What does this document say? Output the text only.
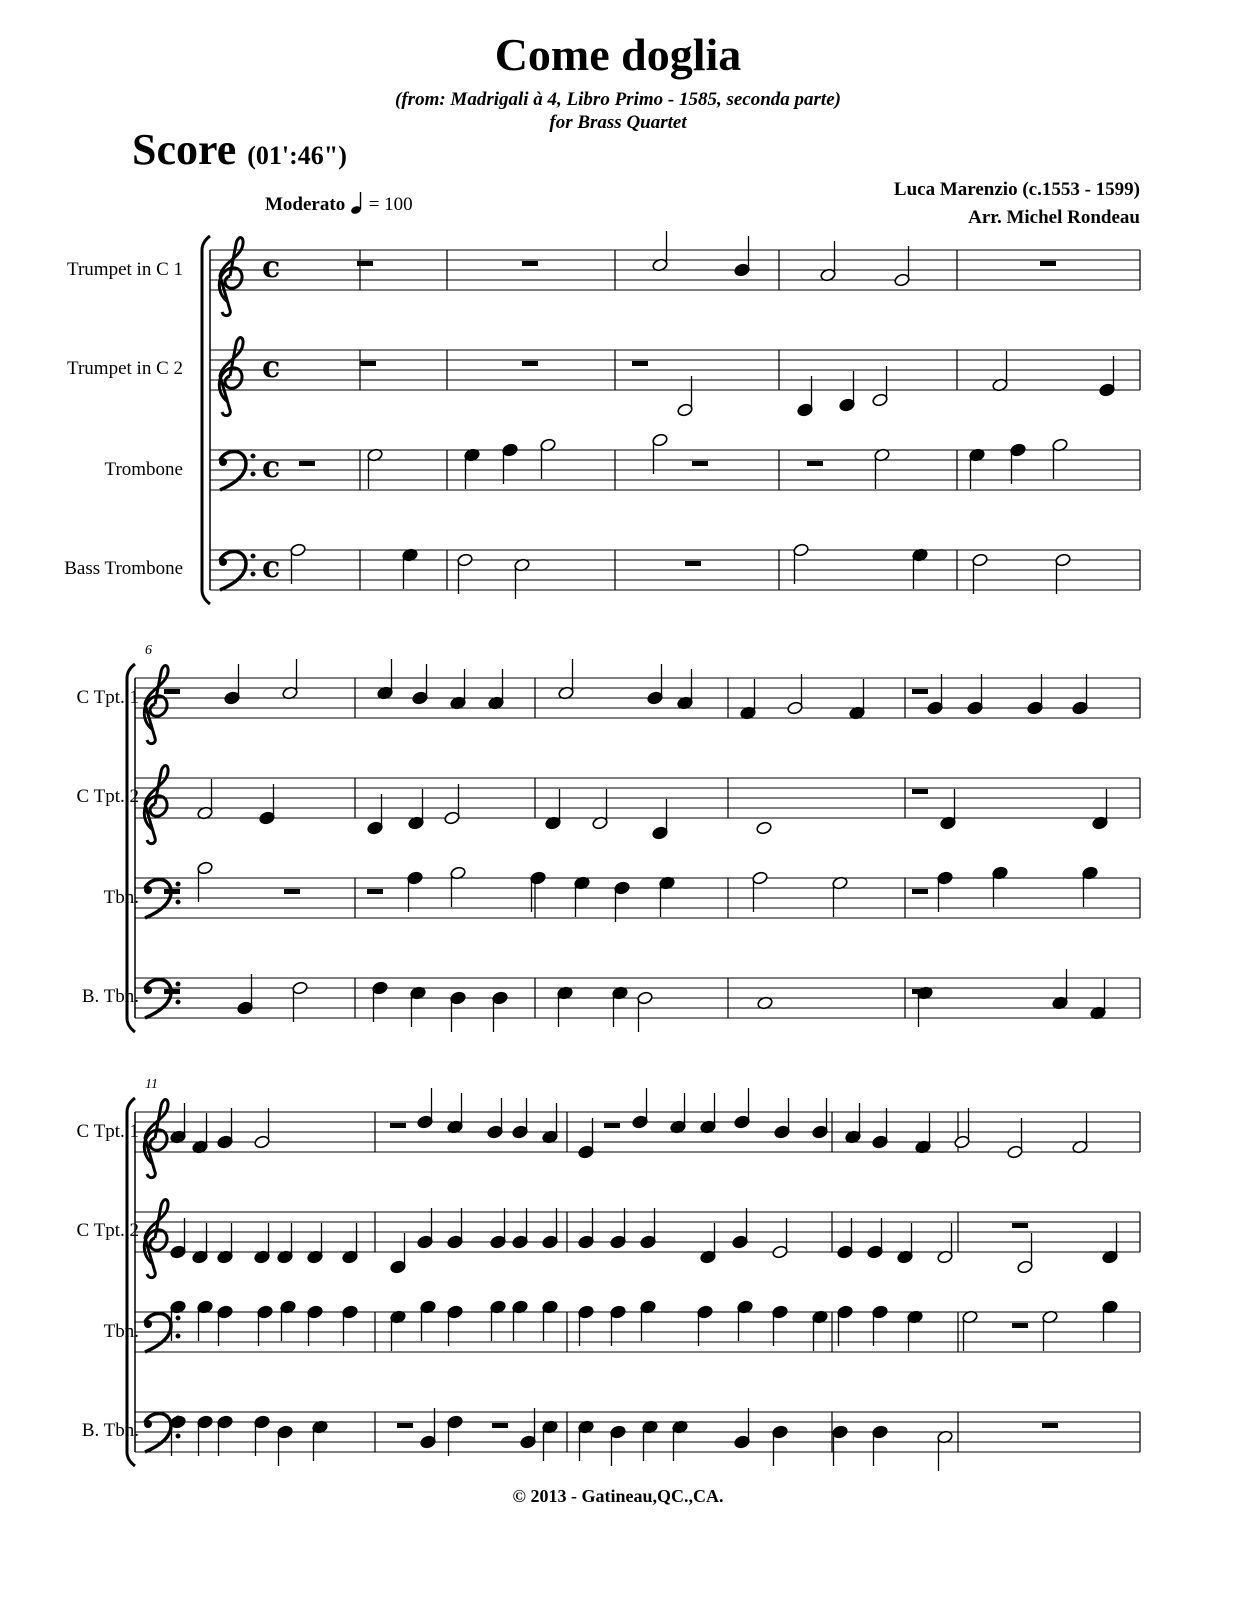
Come doglia
(from: Madrigali à 4, Libro Primo - 1585, seconda parte)
for Brass Quartet
Score (01':46")
Moderato = 100
Luca Marenzio (c.1553 - 1599)
Arr. Michel Rondeau
Trumpet in C 1
Trumpet in C 2
Trombone
Bass Trombone
C Tpt. 1
C Tpt. 2
Tbn.
B. Tbn.
C Tpt. 1
C Tpt. 2
Tbn.
B. Tbn.
6
11
c
c
c
c
© 2013 - Gatineau,QC.,CA.
